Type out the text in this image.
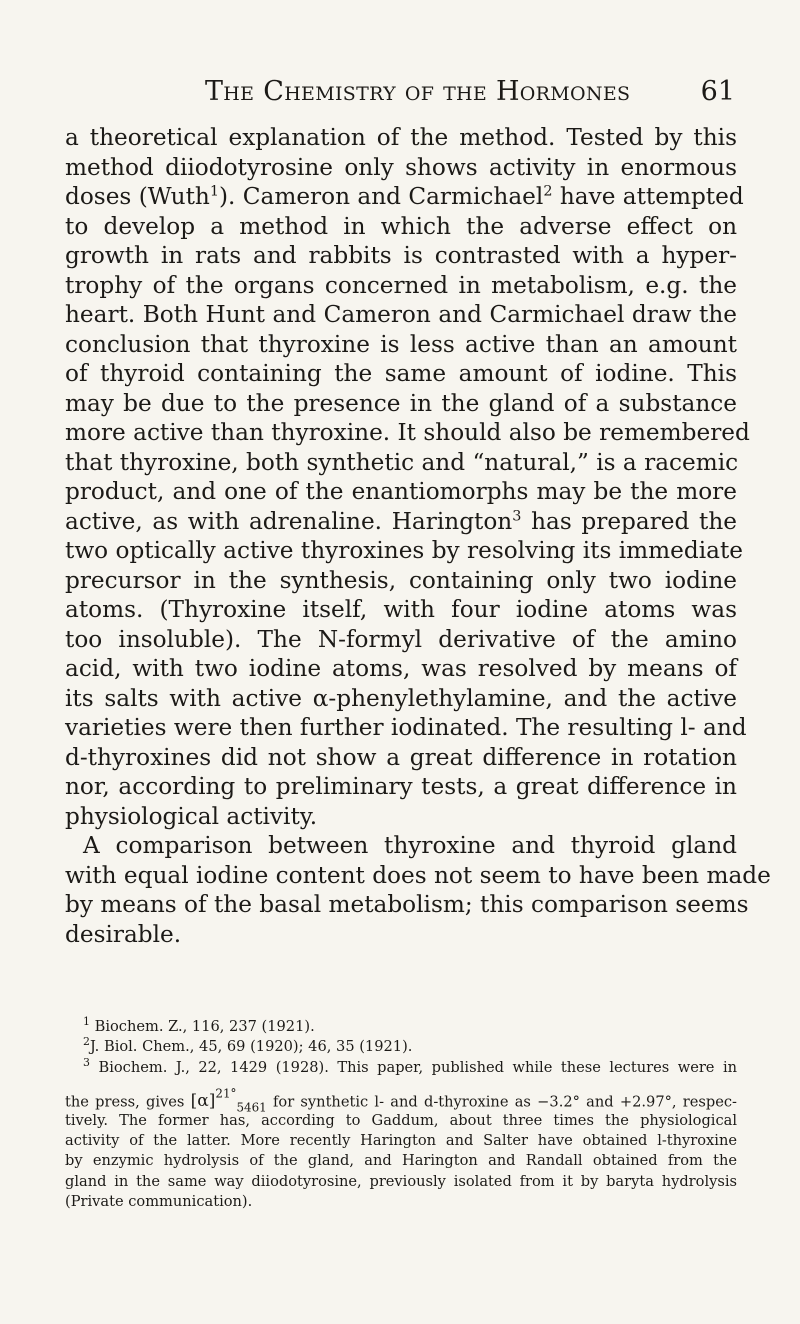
The Chemistry of the Hormones	61
a theoretical explanation of the method. Tested by this
method diiodotyrosine only shows activity in enormous
doses (Wuth$^1$). Cameron and Carmichael$^2$ have attempted
to develop a method in which the adverse effect on
growth in rats and rabbits is contrasted with a hyper-
trophy of the organs concerned in metabolism, e.g. the
heart. Both Hunt and Cameron and Carmichael draw the
conclusion that thyroxine is less active than an amount
of thyroid containing the same amount of iodine. This
may be due to the presence in the gland of a substance
more active than thyroxine. It should also be remembered
that thyroxine, both synthetic and “natural,” is a racemic
product, and one of the enantiomorphs may be the more
active, as with adrenaline. Harington$^3$ has prepared the
two optically active thyroxines by resolving its immediate
precursor in the synthesis, containing only two iodine
atoms. (Thyroxine itself, with four iodine atoms was
too insoluble). The N-formyl derivative of the amino
acid, with two iodine atoms, was resolved by means of
its salts with active α-phenylethylamine, and the active
varieties were then further iodinated. The resulting l- and
d-thyroxines did not show a great difference in rotation
nor, according to preliminary tests, a great difference in
physiological activity.
A comparison between thyroxine and thyroid gland
with equal iodine content does not seem to have been made
by means of the basal metabolism; this comparison seems
desirable.
$^1$ Biochem. Z., 116, 237 (1921).
$^2$J. Biol. Chem., 45, 69 (1920); 46, 35 (1921).
$^3$ Biochem. J., 22, 1429 (1928). This paper, published while these lectures were in
the press, gives $[\alpha]^{21^\circ}_{5461}$ for synthetic l- and d-thyroxine as −3.2° and +2.97°, respec-
tively. The former has, according to Gaddum, about three times the physiological
activity of the latter. More recently Harington and Salter have obtained l-thyroxine
by enzymic hydrolysis of the gland, and Harington and Randall obtained from the
gland in the same way diiodotyrosine, previously isolated from it by baryta hydrolysis
(Private communication).
